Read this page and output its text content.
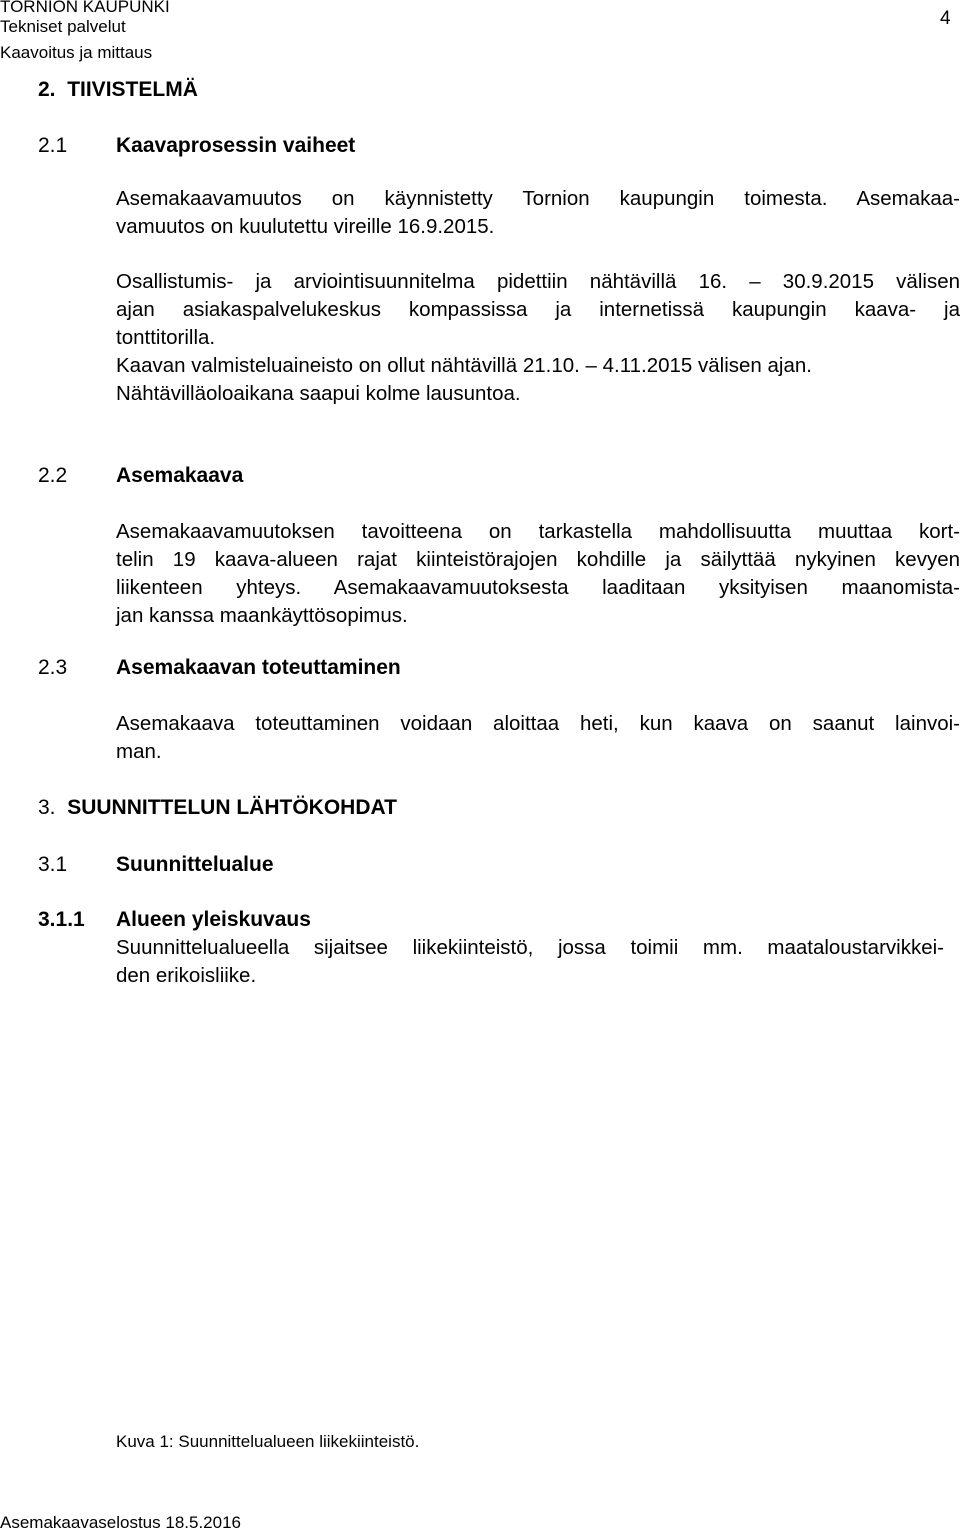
TORNION KAUPUNKI
Tekniset palvelut
Kaavoitus ja mittaus
4
2. TIIVISTELMÄ
2.1 Kaavaprosessin vaiheet
Asemakaavamuutos on käynnistetty Tornion kaupungin toimesta. Asemakaa-
vamuutos on kuulutettu vireille 16.9.2015.
Osallistumis- ja arviointisuunnitelma pidettiin nähtävillä 16. – 30.9.2015 välisen
ajan asiakaspalvelukeskus kompassissa ja internetissä kaupungin kaava- ja
tonttitorilla.
Kaavan valmisteluaineisto on ollut nähtävillä 21.10. – 4.11.2015 välisen ajan.
Nähtävilläoloaikana saapui kolme lausuntoa.
2.2 Asemakaava
Asemakaavamuutoksen tavoitteena on tarkastella mahdollisuutta muuttaa kort-
telin 19 kaava-alueen rajat kiinteistörajojen kohdille ja säilyttää nykyinen kevyen
liikenteen yhteys. Asemakaavamuutoksesta laaditaan yksityisen maanomista-
jan kanssa maankäyttösopimus.
2.3 Asemakaavan toteuttaminen
Asemakaava toteuttaminen voidaan aloittaa heti, kun kaava on saanut lainvoi-
man.
3. SUUNNITTELUN LÄHTÖKOHDAT
3.1 Suunnittelualue
3.1.1 Alueen yleiskuvaus
Suunnittelualueella sijaitsee liikekiinteistö, jossa toimii mm. maataloustarvikkei-
den erikoisliike.
Kuva 1: Suunnittelualueen liikekiinteistö.
Asemakaavaselostus 18.5.2016
